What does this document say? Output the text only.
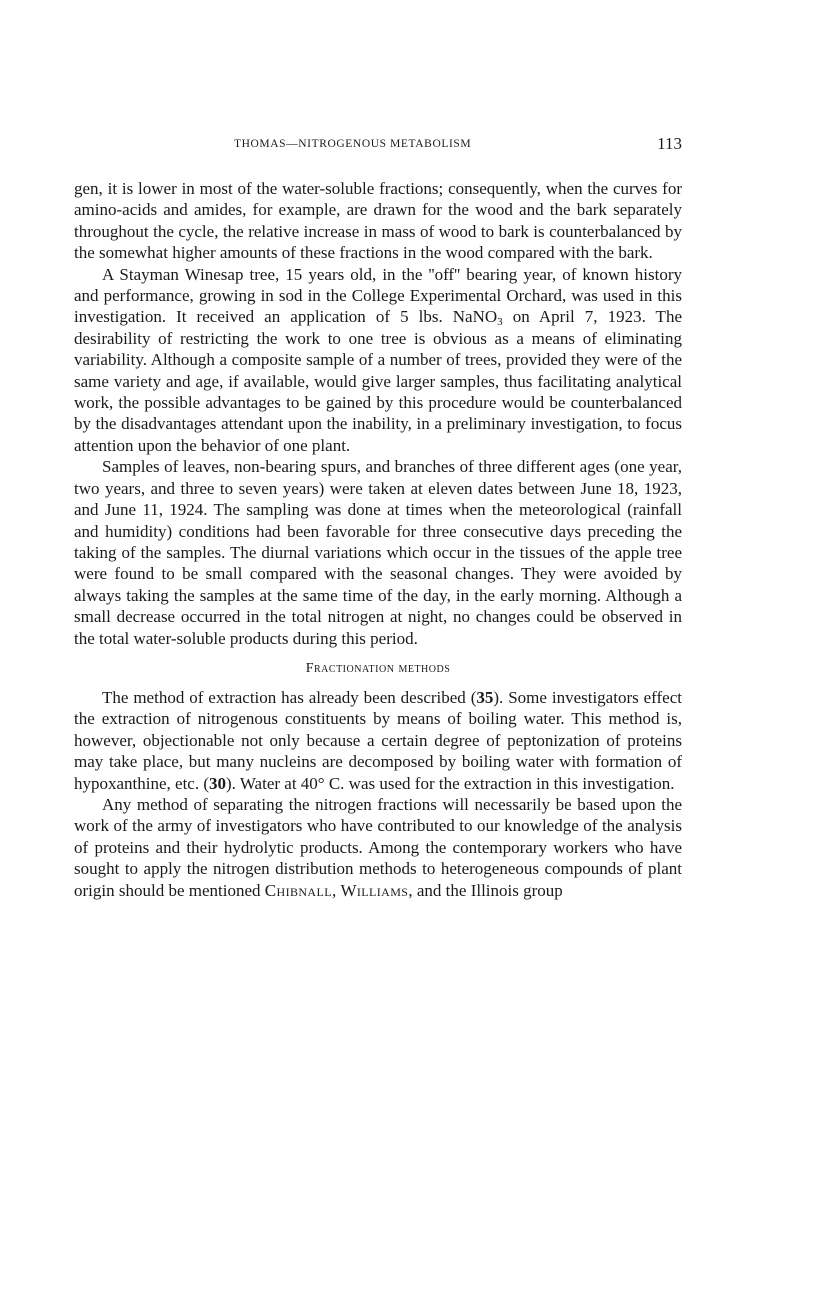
THOMAS—NITROGENOUS METABOLISM	113

gen, it is lower in most of the water-soluble fractions; consequently, when the curves for amino-acids and amides, for example, are drawn for the wood and the bark separately throughout the cycle, the relative increase in mass of wood to bark is counterbalanced by the somewhat higher amounts of these fractions in the wood compared with the bark.

A Stayman Winesap tree, 15 years old, in the ''off'' bearing year, of known history and performance, growing in sod in the College Experimental Orchard, was used in this investigation. It received an application of 5 lbs. NaNO$_3$ on April 7, 1923. The desirability of restricting the work to one tree is obvious as a means of eliminating variability. Although a composite sample of a number of trees, provided they were of the same variety and age, if available, would give larger samples, thus facilitating analytical work, the possible advantages to be gained by this procedure would be counterbalanced by the disadvantages attendant upon the inability, in a preliminary investigation, to focus attention upon the behavior of one plant.

Samples of leaves, non-bearing spurs, and branches of three different ages (one year, two years, and three to seven years) were taken at eleven dates between June 18, 1923, and June 11, 1924. The sampling was done at times when the meteorological (rainfall and humidity) conditions had been favorable for three consecutive days preceding the taking of the samples. The diurnal variations which occur in the tissues of the apple tree were found to be small compared with the seasonal changes. They were avoided by always taking the samples at the same time of the day, in the early morning. Although a small decrease occurred in the total nitrogen at night, no changes could be observed in the total water-soluble products during this period.

Fractionation methods

The method of extraction has already been described (35). Some investigators effect the extraction of nitrogenous constituents by means of boiling water. This method is, however, objectionable not only because a certain degree of peptonization of proteins may take place, but many nucleins are decomposed by boiling water with formation of hypoxanthine, etc. (30). Water at 40° C. was used for the extraction in this investigation.

Any method of separating the nitrogen fractions will necessarily be based upon the work of the army of investigators who have contributed to our knowledge of the analysis of proteins and their hydrolytic products. Among the contemporary workers who have sought to apply the nitrogen distribution methods to heterogeneous compounds of plant origin should be mentioned Chibnall, Williams, and the Illinois group
